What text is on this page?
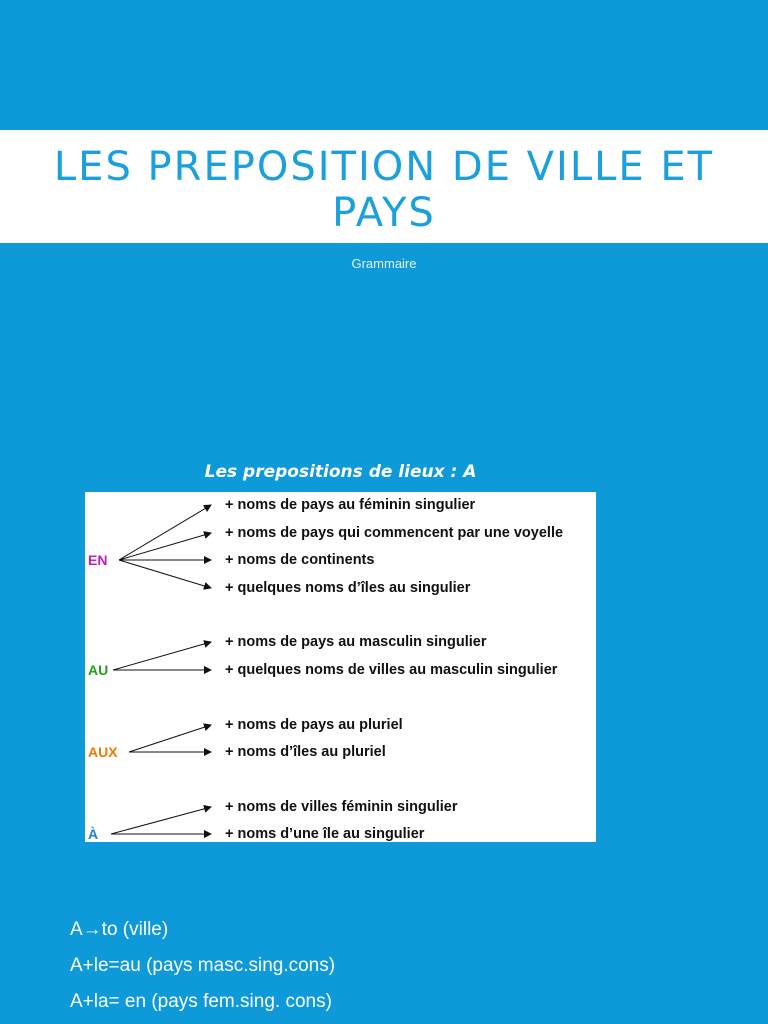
LES PREPOSITION DE VILLE ET PAYS
Grammaire
Les prepositions de lieux : A
EN
+ noms de pays au féminin singulier
+ noms de pays qui commencent par une voyelle
+ noms de continents
+ quelques noms d’îles au singulier
AU
+ noms de pays au masculin singulier
+ quelques noms de villes au masculin singulier
AUX
+ noms de pays au pluriel
+ noms d’îles au pluriel
À
+ noms de villes féminin singulier
+ noms d’une île au singulier
A→to (ville)
A+le=au (pays masc.sing.cons)
A+la= en (pays fem.sing. cons)
